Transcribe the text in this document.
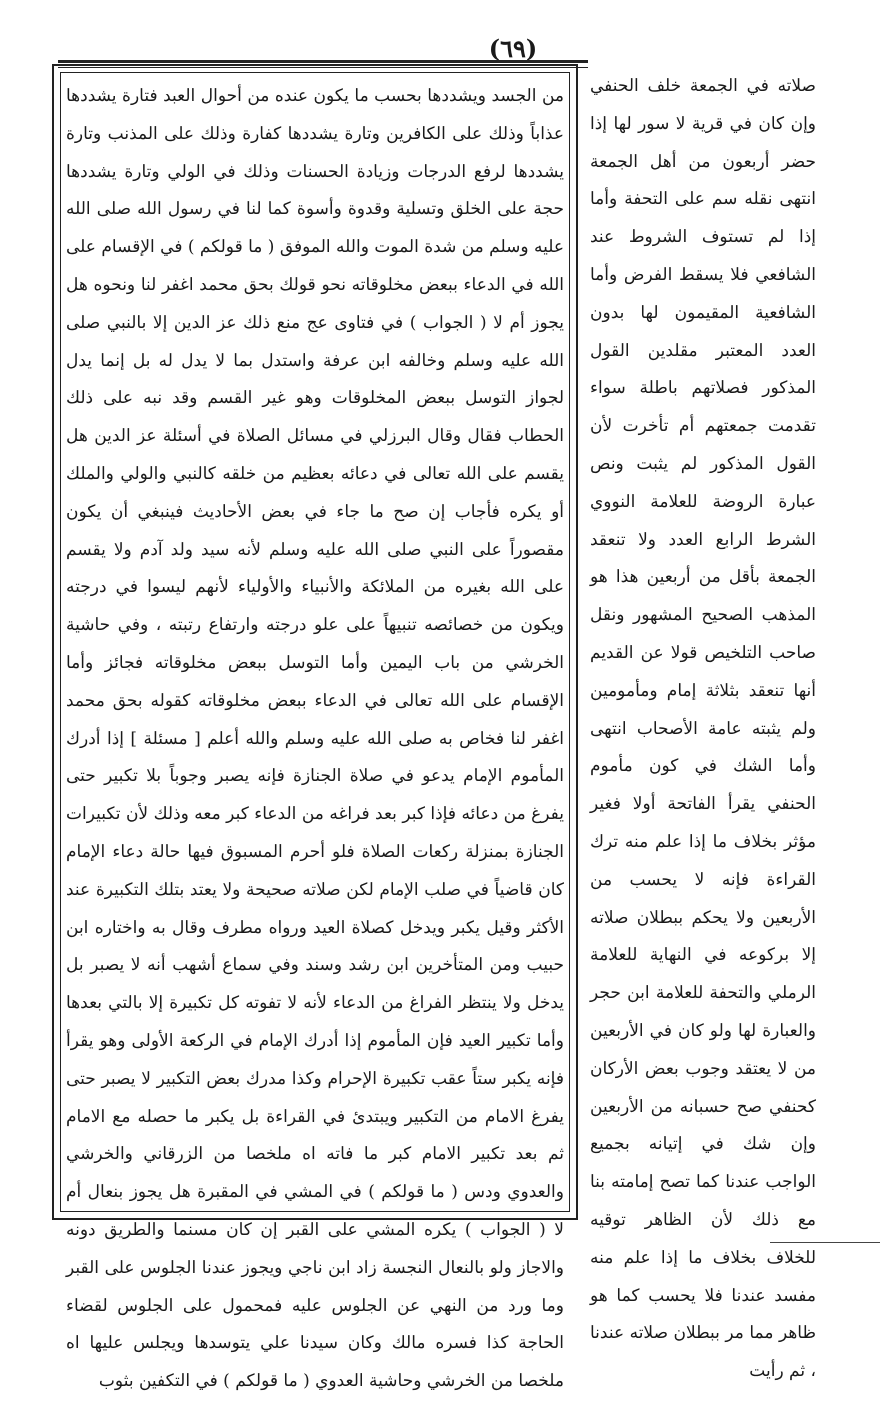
(٦٩)

من الجسد ويشددها بحسب ما يكون عنده من أحوال العبد فتارة يشددها عذاباً وذلك على الكافرين وتارة يشددها كفارة وذلك على المذنب وتارة يشددها لرفع الدرجات وزيادة الحسنات وذلك في الولي وتارة يشددها حجة على الخلق وتسلية وقدوة وأسوة كما لنا في رسول الله صلى الله عليه وسلم من شدة الموت والله الموفق ( ما قولكم ) في الإقسام على الله في الدعاء ببعض مخلوقاته نحو قولك بحق محمد اغفر لنا ونحوه هل يجوز أم لا ( الجواب ) في فتاوى عج منع ذلك عز الدين إلا بالنبي صلى الله عليه وسلم وخالفه ابن عرفة واستدل بما لا يدل له بل إنما يدل لجواز التوسل ببعض المخلوقات وهو غير القسم وقد نبه على ذلك الحطاب فقال وقال البرزلي في مسائل الصلاة في أسئلة عز الدين هل يقسم على الله تعالى في دعائه بعظيم من خلقه كالنبي والولي والملك أو يكره فأجاب إن صح ما جاء في بعض الأحاديث فينبغي أن يكون مقصوراً على النبي صلى الله عليه وسلم لأنه سيد ولد آدم ولا يقسم على الله بغيره من الملائكة والأنبياء والأولياء لأنهم ليسوا في درجته ويكون من خصائصه تنبيهاً على علو درجته وارتفاع رتبته ، وفي حاشية الخرشي من باب اليمين وأما التوسل ببعض مخلوقاته فجائز وأما الإقسام على الله تعالى في الدعاء ببعض مخلوقاته كقوله بحق محمد اغفر لنا فخاص به صلى الله عليه وسلم والله أعلم [ مسئلة ] إذا أدرك المأموم الإمام يدعو في صلاة الجنازة فإنه يصبر وجوباً بلا تكبير حتى يفرغ من دعائه فإذا كبر بعد فراغه من الدعاء كبر معه وذلك لأن تكبيرات الجنازة بمنزلة ركعات الصلاة فلو أحرم المسبوق فيها حالة دعاء الإمام كان قاضياً في صلب الإمام لكن صلاته صحيحة ولا يعتد بتلك التكبيرة عند الأكثر وقيل يكبر ويدخل كصلاة العيد ورواه مطرف وقال به واختاره ابن حبيب ومن المتأخرين ابن رشد وسند وفي سماع أشهب أنه لا يصبر بل يدخل ولا ينتظر الفراغ من الدعاء لأنه لا تفوته كل تكبيرة إلا بالتي بعدها وأما تكبير العيد فإن المأموم إذا أدرك الإمام في الركعة الأولى وهو يقرأ فإنه يكبر ستاً عقب تكبيرة الإحرام وكذا مدرك بعض التكبير لا يصبر حتى يفرغ الامام من التكبير ويبتدئ في القراءة بل يكبر ما حصله مع الامام ثم بعد تكبير الامام كبر ما فاته اه ملخصا من الزرقاني والخرشي والعدوي ودس ( ما قولكم ) في المشي في المقبرة هل يجوز بنعال أم لا ( الجواب ) يكره المشي على القبر إن كان مسنما والطريق دونه والاجاز ولو بالنعال النجسة زاد ابن ناجي ويجوز عندنا الجلوس على القبر وما ورد من النهي عن الجلوس عليه فمحمول على الجلوس لقضاء الحاجة كذا فسره مالك وكان سيدنا علي يتوسدها ويجلس عليها اه ملخصا من الخرشي وحاشية العدوي ( ما قولكم ) في التكفين بثوب

صلاته في الجمعة خلف الحنفي وإن كان في قرية لا سور لها إذا حضر أربعون من أهل الجمعة انتهى نقله سم على التحفة وأما إذا لم تستوف الشروط عند الشافعي فلا يسقط الفرض وأما الشافعية المقيمون لها بدون العدد المعتبر مقلدين القول المذكور فصلاتهم باطلة سواء تقدمت جمعتهم أم تأخرت لأن القول المذكور لم يثبت ونص عبارة الروضة للعلامة النووي الشرط الرابع العدد ولا تنعقد الجمعة بأقل من أربعين هذا هو المذهب الصحيح المشهور ونقل صاحب التلخيص قولا عن القديم أنها تنعقد بثلاثة إمام ومأمومين ولم يثبته عامة الأصحاب انتهى وأما الشك في كون مأموم الحنفي يقرأ الفاتحة أولا فغير مؤثر بخلاف ما إذا علم منه ترك القراءة فإنه لا يحسب من الأربعين ولا يحكم ببطلان صلاته إلا بركوعه في النهاية للعلامة الرملي والتحفة للعلامة ابن حجر والعبارة لها ولو كان في الأربعين من لا يعتقد وجوب بعض الأركان كحنفي صح حسبانه من الأربعين وإن شك في إتيانه بجميع الواجب عندنا كما تصح إمامته بنا مع ذلك لأن الظاهر توقيه للخلاف بخلاف ما إذا علم منه مفسد عندنا فلا يحسب كما هو ظاهر مما مر ببطلان صلاته عندنا ، ثم رأيت
